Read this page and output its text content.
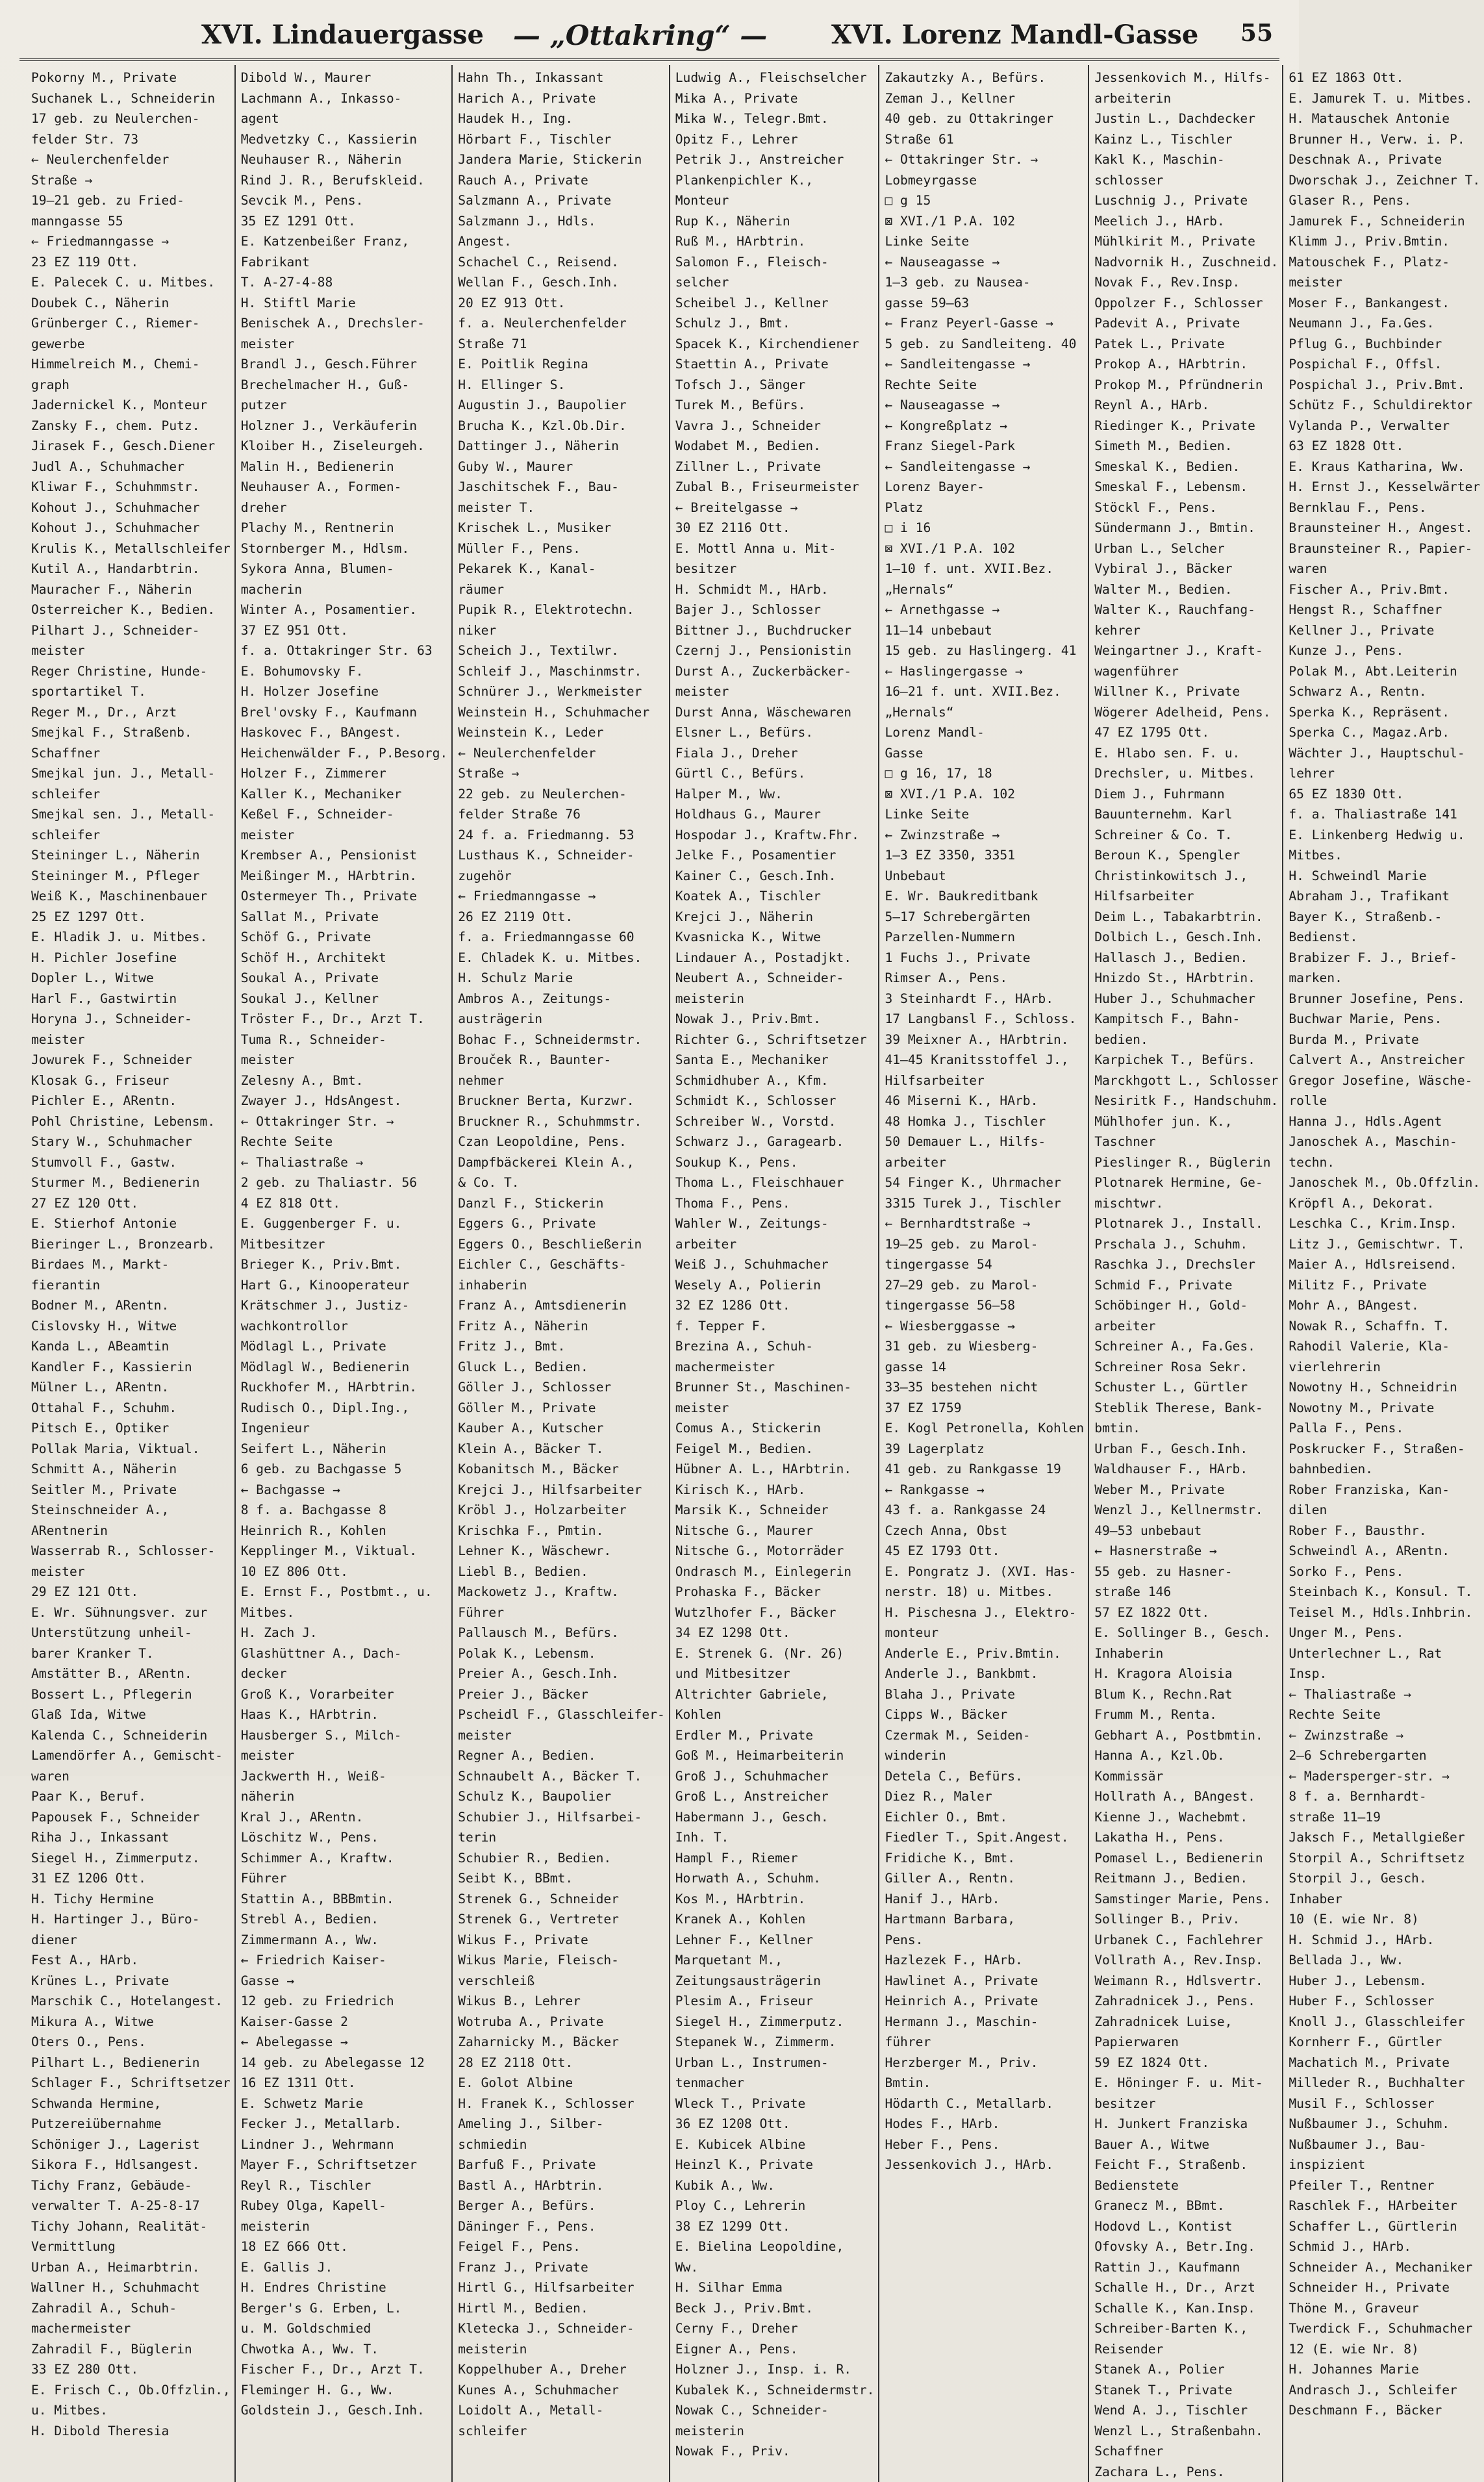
XVI. Lindauergasse — „Ottakring“ — XVI. Lorenz Mandl-Gasse 55
Pokorny M., Private
Suchanek L., Schneiderin
17 geb. zu Neulerchen-
felder Str. 73
← Neulerchenfelder
Straße →
19—21 geb. zu Fried-
manngasse 55
← Friedmanngasse →
23 EZ 119 Ott.
E. Palecek C. u. Mitbes.
Doubek C., Näherin
Grünberger C., Riemer-
gewerbe
Himmelreich M., Chemi-
graph
Jadernickel K., Monteur
Zansky F., chem. Putz.
Jirasek F., Gesch.Diener
Judl A., Schuhmacher
Kliwar F., Schuhmmstr.
Kohout J., Schuhmacher
Kohout J., Schuhmacher
Krulis K., Metallschleifer
Kutil A., Handarbtrin.
Mauracher F., Näherin
Osterreicher K., Bedien.
Pilhart J., Schneider-
meister
Reger Christine, Hunde-
sportartikel T.
Reger M., Dr., Arzt
Smejkal F., Straßenb.
Schaffner
Smejkal jun. J., Metall-
schleifer
Smejkal sen. J., Metall-
schleifer
Steininger L., Näherin
Steininger M., Pfleger
Weiß K., Maschinenbauer
25 EZ 1297 Ott.
E. Hladik J. u. Mitbes.
H. Pichler Josefine
Dopler L., Witwe
Harl F., Gastwirtin
Horyna J., Schneider-
meister
Jowurek F., Schneider
Klosak G., Friseur
Pichler E., ARentn.
Pohl Christine, Lebensm.
Stary W., Schuhmacher
Stumvoll F., Gastw.
Sturmer M., Bedienerin
27 EZ 120 Ott.
E. Stierhof Antonie
Bieringer L., Bronzearb.
Birdaes M., Markt-
fierantin
Bodner M., ARentn.
Cislovsky H., Witwe
Kanda L., ABeamtin
Kandler F., Kassierin
Mülner L., ARentn.
Ottahal F., Schuhm.
Pitsch E., Optiker
Pollak Maria, Viktual.
Schmitt A., Näherin
Seitler M., Private
Steinschneider A.,
ARentnerin
Wasserrab R., Schlosser-
meister
29 EZ 121 Ott.
E. Wr. Sühnungsver. zur
Unterstützung unheil-
barer Kranker T.
Amstätter B., ARentn.
Bossert L., Pflegerin
Glaß Ida, Witwe
Kalenda C., Schneiderin
Lamendörfer A., Gemischt-
waren
Paar K., Beruf.
Papousek F., Schneider
Riha J., Inkassant
Siegel H., Zimmerputz.
31 EZ 1206 Ott.
H. Tichy Hermine
H. Hartinger J., Büro-
diener
Fest A., HArb.
Krünes L., Private
Marschik C., Hotelangest.
Mikura A., Witwe
Oters O., Pens.
Pilhart L., Bedienerin
Schlager F., Schriftsetzer
Schwanda Hermine,
Putzereiübernahme
Schöniger J., Lagerist
Sikora F., Hdlsangest.
Tichy Franz, Gebäude-
verwalter T. A-25-8-17
Tichy Johann, Realität-
Vermittlung
Urban A., Heimarbtrin.
Wallner H., Schuhmacht
Zahradil A., Schuh-
machermeister
Zahradil F., Büglerin
33 EZ 280 Ott.
E. Frisch C., Ob.Offzlin.,
u. Mitbes.
H. Dibold Theresia
Dibold W., Maurer
Lachmann A., Inkasso-
agent
Medvetzky C., Kassierin
Neuhauser R., Näherin
Rind J. R., Berufskleid.
Sevcik M., Pens.
35 EZ 1291 Ott.
E. Katzenbeißer Franz,
Fabrikant
T. A-27-4-88
H. Stiftl Marie
Benischek A., Drechsler-
meister
Brandl J., Gesch.Führer
Brechelmacher H., Guß-
putzer
Holzner J., Verkäuferin
Kloiber H., Ziseleurgeh.
Malin H., Bedienerin
Neuhauser A., Formen-
dreher
Plachy M., Rentnerin
Stornberger M., Hdlsm.
Sykora Anna, Blumen-
macherin
Winter A., Posamentier.
37 EZ 951 Ott.
f. a. Ottakringer Str. 63
E. Bohumovsky F.
H. Holzer Josefine
Brel'ovsky F., Kaufmann
Haskovec F., BAngest.
Heichenwälder F., P.Besorg.
Holzer F., Zimmerer
Kaller K., Mechaniker
Keßel F., Schneider-
meister
Krembser A., Pensionist
Meißinger M., HArbtrin.
Ostermeyer Th., Private
Sallat M., Private
Schöf G., Private
Schöf H., Architekt
Soukal A., Private
Soukal J., Kellner
Tröster F., Dr., Arzt T.
Tuma R., Schneider-
meister
Zelesny A., Bmt.
Zwayer J., HdsAngest.
← Ottakringer Str. →
Rechte Seite
← Thaliastraße →
2 geb. zu Thaliastr. 56
4 EZ 818 Ott.
E. Guggenberger F. u.
Mitbesitzer
Brieger K., Priv.Bmt.
Hart G., Kinooperateur
Krätschmer J., Justiz-
wachkontrollor
Mödlagl L., Private
Mödlagl W., Bedienerin
Ruckhofer M., HArbtrin.
Rudisch O., Dipl.Ing.,
Ingenieur
Seifert L., Näherin
6 geb. zu Bachgasse 5
← Bachgasse →
8 f. a. Bachgasse 8
Heinrich R., Kohlen
Kepplinger M., Viktual.
10 EZ 806 Ott.
E. Ernst F., Postbmt., u.
Mitbes.
H. Zach J.
Glashüttner A., Dach-
decker
Groß K., Vorarbeiter
Haas K., HArbtrin.
Hausberger S., Milch-
meister
Jackwerth H., Weiß-
näherin
Kral J., ARentn.
Löschitz W., Pens.
Schimmer A., Kraftw.
Führer
Stattin A., BBBmtin.
Strebl A., Bedien.
Zimmermann A., Ww.
← Friedrich Kaiser-
Gasse →
12 geb. zu Friedrich
Kaiser-Gasse 2
← Abelegasse →
14 geb. zu Abelegasse 12
16 EZ 1311 Ott.
E. Schwetz Marie
Fecker J., Metallarb.
Lindner J., Wehrmann
Mayer F., Schriftsetzer
Reyl R., Tischler
Rubey Olga, Kapell-
meisterin
18 EZ 666 Ott.
E. Gallis J.
H. Endres Christine
Berger's G. Erben, L.
u. M. Goldschmied
Chwotka A., Ww. T.
Fischer F., Dr., Arzt T.
Fleminger H. G., Ww.
Goldstein J., Gesch.Inh.
Hahn Th., Inkassant
Harich A., Private
Haudek H., Ing.
Hörbart F., Tischler
Jandera Marie, Stickerin
Rauch A., Private
Salzmann A., Private
Salzmann J., Hdls.
Angest.
Schachel C., Reisend.
Wellan F., Gesch.Inh.
20 EZ 913 Ott.
f. a. Neulerchenfelder
Straße 71
E. Poitlik Regina
H. Ellinger S.
Augustin J., Baupolier
Brucha K., Kzl.Ob.Dir.
Dattinger J., Näherin
Guby W., Maurer
Jaschitschek F., Bau-
meister T.
Krischek L., Musiker
Müller F., Pens.
Pekarek K., Kanal-
räumer
Pupik R., Elektrotechn.
niker
Scheich J., Textilwr.
Schleif J., Maschinmstr.
Schnürer J., Werkmeister
Weinstein H., Schuhmacher
Weinstein K., Leder
← Neulerchenfelder
Straße →
22 geb. zu Neulerchen-
felder Straße 76
24 f. a. Friedmanng. 53
Lusthaus K., Schneider-
zugehör
← Friedmanngasse →
26 EZ 2119 Ott.
f. a. Friedmanngasse 60
E. Chladek K. u. Mitbes.
H. Schulz Marie
Ambros A., Zeitungs-
austrägerin
Bohac F., Schneidermstr.
Brouček R., Baunter-
nehmer
Bruckner Berta, Kurzwr.
Bruckner R., Schuhmmstr.
Czan Leopoldine, Pens.
Dampfbäckerei Klein A.,
& Co. T.
Danzl F., Stickerin
Eggers G., Private
Eggers O., Beschließerin
Eichler C., Geschäfts-
inhaberin
Franz A., Amtsdienerin
Fritz A., Näherin
Fritz J., Bmt.
Gluck L., Bedien.
Göller J., Schlosser
Göller M., Private
Kauber A., Kutscher
Klein A., Bäcker T.
Kobanitsch M., Bäcker
Krejci J., Hilfsarbeiter
Kröbl J., Holzarbeiter
Krischka F., Pmtin.
Lehner K., Wäschewr.
Liebl B., Bedien.
Mackowetz J., Kraftw.
Führer
Pallausch M., Befürs.
Polak K., Lebensm.
Preier A., Gesch.Inh.
Preier J., Bäcker
Pscheidl F., Glasschleifer-
meister
Regner A., Bedien.
Schnaubelt A., Bäcker T.
Schulz K., Baupolier
Schubier J., Hilfsarbei-
terin
Schubier R., Bedien.
Seibt K., BBmt.
Strenek G., Schneider
Strenek G., Vertreter
Wikus F., Private
Wikus Marie, Fleisch-
verschleiß
Wikus B., Lehrer
Wotruba A., Private
Zaharnicky M., Bäcker
28 EZ 2118 Ott.
E. Golot Albine
H. Franek K., Schlosser
Ameling J., Silber-
schmiedin
Barfuß F., Private
Bastl A., HArbtrin.
Berger A., Befürs.
Däninger F., Pens.
Feigel F., Pens.
Franz J., Private
Hirtl G., Hilfsarbeiter
Hirtl M., Bedien.
Kletecka J., Schneider-
meisterin
Koppelhuber A., Dreher
Kunes A., Schuhmacher
Loidolt A., Metall-
schleifer
Ludwig A., Fleischselcher
Mika A., Private
Mika W., Telegr.Bmt.
Opitz F., Lehrer
Petrik J., Anstreicher
Plankenpichler K.,
Monteur
Rup K., Näherin
Ruß M., HArbtrin.
Salomon F., Fleisch-
selcher
Scheibel J., Kellner
Schulz J., Bmt.
Spacek K., Kirchendiener
Staettin A., Private
Tofsch J., Sänger
Turek M., Befürs.
Vavra J., Schneider
Wodabet M., Bedien.
Zillner L., Private
Zubal B., Friseurmeister
← Breitelgasse →
30 EZ 2116 Ott.
E. Mottl Anna u. Mit-
besitzer
H. Schmidt M., HArb.
Bajer J., Schlosser
Bittner J., Buchdrucker
Czernj J., Pensionistin
Durst A., Zuckerbäcker-
meister
Durst Anna, Wäschewaren
Elsner L., Befürs.
Fiala J., Dreher
Gürtl C., Befürs.
Halper M., Ww.
Holdhaus G., Maurer
Hospodar J., Kraftw.Fhr.
Jelke F., Posamentier
Kainer C., Gesch.Inh.
Koatek A., Tischler
Krejci J., Näherin
Kvasnicka K., Witwe
Lindauer A., Postadjkt.
Neubert A., Schneider-
meisterin
Nowak J., Priv.Bmt.
Richter G., Schriftsetzer
Santa E., Mechaniker
Schmidhuber A., Kfm.
Schmidt K., Schlosser
Schreiber W., Vorstd.
Schwarz J., Garagearb.
Soukup K., Pens.
Thoma L., Fleischhauer
Thoma F., Pens.
Wahler W., Zeitungs-
arbeiter
Weiß J., Schuhmacher
Wesely A., Polierin
32 EZ 1286 Ott.
f. Tepper F.
Brezina A., Schuh-
machermeister
Brunner St., Maschinen-
meister
Comus A., Stickerin
Feigel M., Bedien.
Hübner A. L., HArbtrin.
Kirisch K., HArb.
Marsik K., Schneider
Nitsche G., Maurer
Nitsche G., Motorräder
Ondrasch M., Einlegerin
Prohaska F., Bäcker
Wutzlhofer F., Bäcker
34 EZ 1298 Ott.
E. Strenek G. (Nr. 26)
und Mitbesitzer
Altrichter Gabriele,
Kohlen
Erdler M., Private
Goß M., Heimarbeiterin
Groß J., Schuhmacher
Groß L., Anstreicher
Habermann J., Gesch.
Inh. T.
Hampl F., Riemer
Horwath A., Schuhm.
Kos M., HArbtrin.
Kranek A., Kohlen
Lehner F., Kellner
Marquetant M.,
Zeitungsausträgerin
Plesim A., Friseur
Siegel H., Zimmerputz.
Stepanek W., Zimmerm.
Urban L., Instrumen-
tenmacher
Wleck T., Private
36 EZ 1208 Ott.
E. Kubicek Albine
Heinzl K., Private
Kubik A., Ww.
Ploy C., Lehrerin
38 EZ 1299 Ott.
E. Bielina Leopoldine,
Ww.
H. Silhar Emma
Beck J., Priv.Bmt.
Cerny F., Dreher
Eigner A., Pens.
Holzner J., Insp. i. R.
Kubalek K., Schneidermstr.
Nowak C., Schneider-
meisterin
Nowak F., Priv.
Zakautzky A., Befürs.
Zeman J., Kellner
40 geb. zu Ottakringer
Straße 61
← Ottakringer Str. →
Lobmeyrgasse
□ g 15
⊠ XVI./1 P.A. 102
Linke Seite
← Nauseagasse →
1—3 geb. zu Nausea-
gasse 59—63
← Franz Peyerl-Gasse →
5 geb. zu Sandleiteng. 40
← Sandleitengasse →
Rechte Seite
← Nauseagasse →
← Kongreßplatz →
Franz Siegel-Park
← Sandleitengasse →
Lorenz Bayer-
Platz
□ i 16
⊠ XVI./1 P.A. 102
1—10 f. unt. XVII.Bez.
„Hernals“
← Arnethgasse →
11—14 unbebaut
15 geb. zu Haslingerg. 41
← Haslingergasse →
16—21 f. unt. XVII.Bez.
„Hernals“
Lorenz Mandl-
Gasse
□ g 16, 17, 18
⊠ XVI./1 P.A. 102
Linke Seite
← Zwinzstraße →
1—3 EZ 3350, 3351
Unbebaut
E. Wr. Baukreditbank
5—17 Schrebergärten
Parzellen-Nummern
1 Fuchs J., Private
Rimser A., Pens.
3 Steinhardt F., HArb.
17 Langbansl F., Schloss.
39 Meixner A., HArbtrin.
41—45 Kranitsstoffel J.,
Hilfsarbeiter
46 Miserni K., HArb.
48 Homka J., Tischler
50 Demauer L., Hilfs-
arbeiter
54 Finger K., Uhrmacher
3315 Turek J., Tischler
← Bernhardtstraße →
19—25 geb. zu Marol-
tingergasse 54
27—29 geb. zu Marol-
tingergasse 56—58
← Wiesberggasse →
31 geb. zu Wiesberg-
gasse 14
33—35 bestehen nicht
37 EZ 1759
E. Kogl Petronella, Kohlen
39 Lagerplatz
41 geb. zu Rankgasse 19
← Rankgasse →
43 f. a. Rankgasse 24
Czech Anna, Obst
45 EZ 1793 Ott.
E. Pongratz J. (XVI. Has-
nerstr. 18) u. Mitbes.
H. Pischesna J., Elektro-
monteur
Anderle E., Priv.Bmtin.
Anderle J., Bankbmt.
Blaha J., Private
Cipps W., Bäcker
Czermak M., Seiden-
winderin
Detela C., Befürs.
Diez R., Maler
Eichler O., Bmt.
Fiedler T., Spit.Angest.
Fridiche K., Bmt.
Giller A., Rentn.
Hanif J., HArb.
Hartmann Barbara,
Pens.
Hazlezek F., HArb.
Hawlinet A., Private
Heinrich A., Private
Hermann J., Maschin-
führer
Herzberger M., Priv.
Bmtin.
Hödarth C., Metallarb.
Hodes F., HArb.
Heber F., Pens.
Jessenkovich J., HArb.
Jessenkovich M., Hilfs-
arbeiterin
Justin L., Dachdecker
Kainz L., Tischler
Kakl K., Maschin-
schlosser
Luschnig J., Private
Meelich J., HArb.
Mühlkirit M., Private
Nadvornik H., Zuschneid.
Novak F., Rev.Insp.
Oppolzer F., Schlosser
Padevit A., Private
Patek L., Private
Prokop A., HArbtrin.
Prokop M., Pfründnerin
Reynl A., HArb.
Riedinger K., Private
Simeth M., Bedien.
Smeskal K., Bedien.
Smeskal F., Lebensm.
Stöckl F., Pens.
Sündermann J., Bmtin.
Urban L., Selcher
Vybiral J., Bäcker
Walter M., Bedien.
Walter K., Rauchfang-
kehrer
Weingartner J., Kraft-
wagenführer
Willner K., Private
Wögerer Adelheid, Pens.
47 EZ 1795 Ott.
E. Hlabo sen. F. u.
Drechsler, u. Mitbes.
Diem J., Fuhrmann
Bauunternehm. Karl
Schreiner & Co. T.
Beroun K., Spengler
Christinkowitsch J.,
Hilfsarbeiter
Deim L., Tabakarbtrin.
Dolbich L., Gesch.Inh.
Hallasch J., Bedien.
Hnizdo St., HArbtrin.
Huber J., Schuhmacher
Kampitsch F., Bahn-
bedien.
Karpichek T., Befürs.
Marckhgott L., Schlosser
Nesiritk F., Handschuhm.
Mühlhofer jun. K.,
Taschner
Pieslinger R., Büglerin
Plotnarek Hermine, Ge-
mischtwr.
Plotnarek J., Install.
Prschala J., Schuhm.
Raschka J., Drechsler
Schmid F., Private
Schöbinger H., Gold-
arbeiter
Schreiner A., Fa.Ges.
Schreiner Rosa Sekr.
Schuster L., Gürtler
Steblik Therese, Bank-
bmtin.
Urban F., Gesch.Inh.
Waldhauser F., HArb.
Weber M., Private
Wenzl J., Kellnermstr.
49—53 unbebaut
← Hasnerstraße →
55 geb. zu Hasner-
straße 146
57 EZ 1822 Ott.
E. Sollinger B., Gesch.
Inhaberin
H. Kragora Aloisia
Blum K., Rechn.Rat
Frumm M., Renta.
Gebhart A., Postbmtin.
Hanna A., Kzl.Ob.
Kommissär
Hollrath A., BAngest.
Kienne J., Wachebmt.
Lakatha H., Pens.
Pomasel L., Bedienerin
Reitmann J., Bedien.
Samstinger Marie, Pens.
Sollinger B., Priv.
Urbanek C., Fachlehrer
Vollrath A., Rev.Insp.
Weimann R., Hdlsvertr.
Zahradnicek J., Pens.
Zahradnicek Luise,
Papierwaren
59 EZ 1824 Ott.
E. Höninger F. u. Mit-
besitzer
H. Junkert Franziska
Bauer A., Witwe
Feicht F., Straßenb.
Bedienstete
Granecz M., BBmt.
Hodovd L., Kontist
Ofovsky A., Betr.Ing.
Rattin J., Kaufmann
Schalle H., Dr., Arzt
Schalle K., Kan.Insp.
Schreiber-Barten K.,
Reisender
Stanek A., Polier
Stanek T., Private
Wend A. J., Tischler
Wenzl L., Straßenbahn.
Schaffner
Zachara L., Pens.
61 EZ 1863 Ott.
E. Jamurek T. u. Mitbes.
H. Matauschek Antonie
Brunner H., Verw. i. P.
Deschnak A., Private
Dworschak J., Zeichner T.
Glaser R., Pens.
Jamurek F., Schneiderin
Klimm J., Priv.Bmtin.
Matouschek F., Platz-
meister
Moser F., Bankangest.
Neumann J., Fa.Ges.
Pflug G., Buchbinder
Pospichal F., Offsl.
Pospichal J., Priv.Bmt.
Schütz F., Schuldirektor
Vylanda P., Verwalter
63 EZ 1828 Ott.
E. Kraus Katharina, Ww.
H. Ernst J., Kesselwärter
Bernklau F., Pens.
Braunsteiner H., Angest.
Braunsteiner R., Papier-
waren
Fischer A., Priv.Bmt.
Hengst R., Schaffner
Kellner J., Private
Kunze J., Pens.
Polak M., Abt.Leiterin
Schwarz A., Rentn.
Sperka K., Repräsent.
Sperka C., Magaz.Arb.
Wächter J., Hauptschul-
lehrer
65 EZ 1830 Ott.
f. a. Thaliastraße 141
E. Linkenberg Hedwig u.
Mitbes.
H. Schweindl Marie
Abraham J., Trafikant
Bayer K., Straßenb.-
Bedienst.
Brabizer F. J., Brief-
marken.
Brunner Josefine, Pens.
Buchwar Marie, Pens.
Burda M., Private
Calvert A., Anstreicher
Gregor Josefine, Wäsche-
rolle
Hanna J., Hdls.Agent
Janoschek A., Maschin-
techn.
Janoschek M., Ob.Offzlin.
Kröpfl A., Dekorat.
Leschka C., Krim.Insp.
Litz J., Gemischtwr. T.
Maier A., Hdlsreisend.
Militz F., Private
Mohr A., BAngest.
Nowak R., Schaffn. T.
Rahodil Valerie, Kla-
vierlehrerin
Nowotny H., Schneidrin
Nowotny M., Private
Palla F., Pens.
Poskrucker F., Straßen-
bahnbedien.
Rober Franziska, Kan-
dilen
Rober F., Bausthr.
Schweindl A., ARentn.
Sorko F., Pens.
Steinbach K., Konsul. T.
Teisel M., Hdls.Inhbrin.
Unger M., Pens.
Unterlechner L., Rat
Insp.
← Thaliastraße →
Rechte Seite
← Zwinzstraße →
2—6 Schrebergarten
← Madersperger-str. →
8 f. a. Bernhardt-
straße 11—19
Jaksch F., Metallgießer
Storpil A., Schriftsetz
Storpil J., Gesch.
Inhaber
10 (E. wie Nr. 8)
H. Schmid J., HArb.
Bellada J., Ww.
Huber J., Lebensm.
Huber F., Schlosser
Knoll J., Glasschleifer
Kornherr F., Gürtler
Machatich M., Private
Milleder R., Buchhalter
Musil F., Schlosser
Nußbaumer J., Schuhm.
Nußbaumer J., Bau-
inspizient
Pfeiler T., Rentner
Raschlek F., HArbeiter
Schaffer L., Gürtlerin
Schmid J., HArb.
Schneider A., Mechaniker
Schneider H., Private
Thöne M., Graveur
Twerdick F., Schuhmacher
12 (E. wie Nr. 8)
H. Johannes Marie
Andrasch J., Schleifer
Deschmann F., Bäcker
